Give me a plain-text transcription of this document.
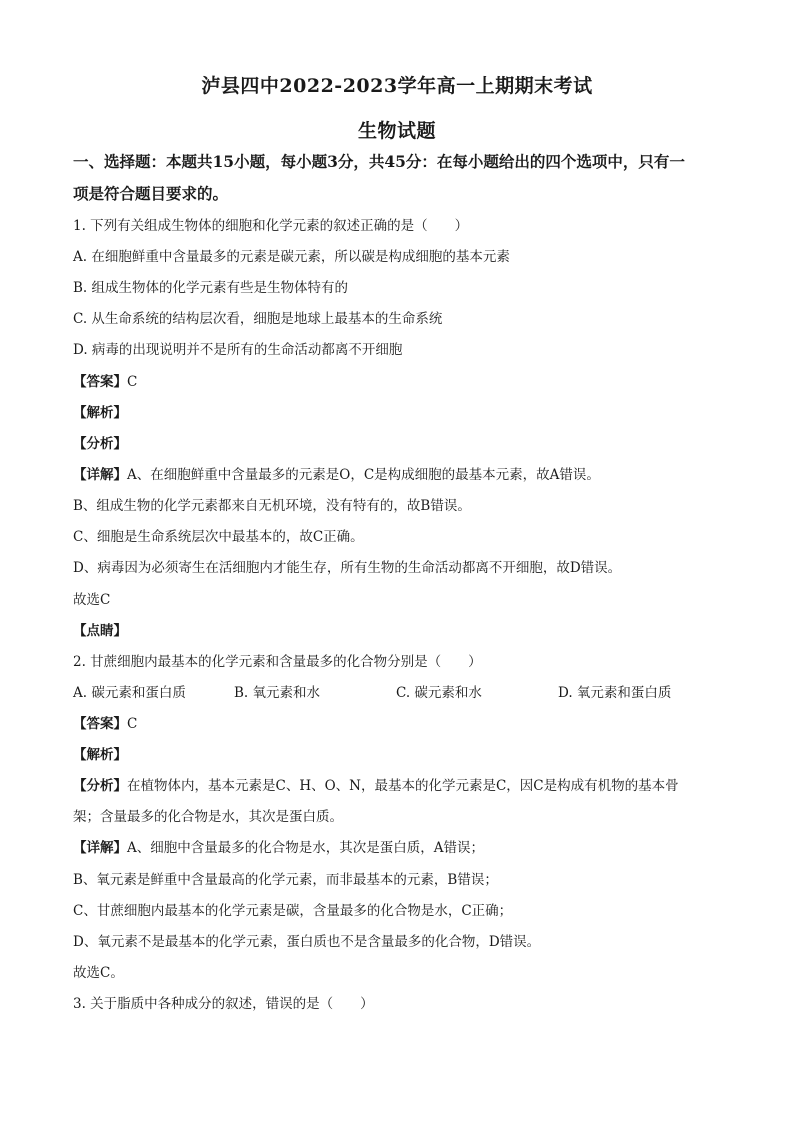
泸县四中2022-2023学年高一上期期末考试
生物试题
一、选择题：本题共15小题，每小题3分，共45分：在每小题给出的四个选项中，只有一
项是符合题目要求的。
1. 下列有关组成生物体的细胞和化学元素的叙述正确的是（　　）
A. 在细胞鲜重中含量最多的元素是碳元素，所以碳是构成细胞的基本元素
B. 组成生物体的化学元素有些是生物体特有的
C. 从生命系统的结构层次看，细胞是地球上最基本的生命系统
D. 病毒的出现说明并不是所有的生命活动都离不开细胞
【答案】C
【解析】
【分析】
【详解】A、在细胞鲜重中含量最多的元素是O，C是构成细胞的最基本元素，故A错误。
B、组成生物的化学元素都来自无机环境，没有特有的，故B错误。
C、细胞是生命系统层次中最基本的，故C正确。
D、病毒因为必须寄生在活细胞内才能生存，所有生物的生命活动都离不开细胞，故D错误。
故选C
【点睛】
2. 甘蔗细胞内最基本的化学元素和含量最多的化合物分别是（　　）
A. 碳元素和蛋白质	B. 氧元素和水	C. 碳元素和水	D. 氧元素和蛋白质
【答案】C
【解析】
【分析】在植物体内，基本元素是C、H、O、N，最基本的化学元素是C，因C是构成有机物的基本骨
架；含量最多的化合物是水，其次是蛋白质。
【详解】A、细胞中含量最多的化合物是水，其次是蛋白质，A错误；
B、氧元素是鲜重中含量最高的化学元素，而非最基本的元素，B错误；
C、甘蔗细胞内最基本的化学元素是碳，含量最多的化合物是水，C正确；
D、氧元素不是最基本的化学元素，蛋白质也不是含量最多的化合物，D错误。
故选C。
3. 关于脂质中各种成分的叙述，错误的是（　　）
